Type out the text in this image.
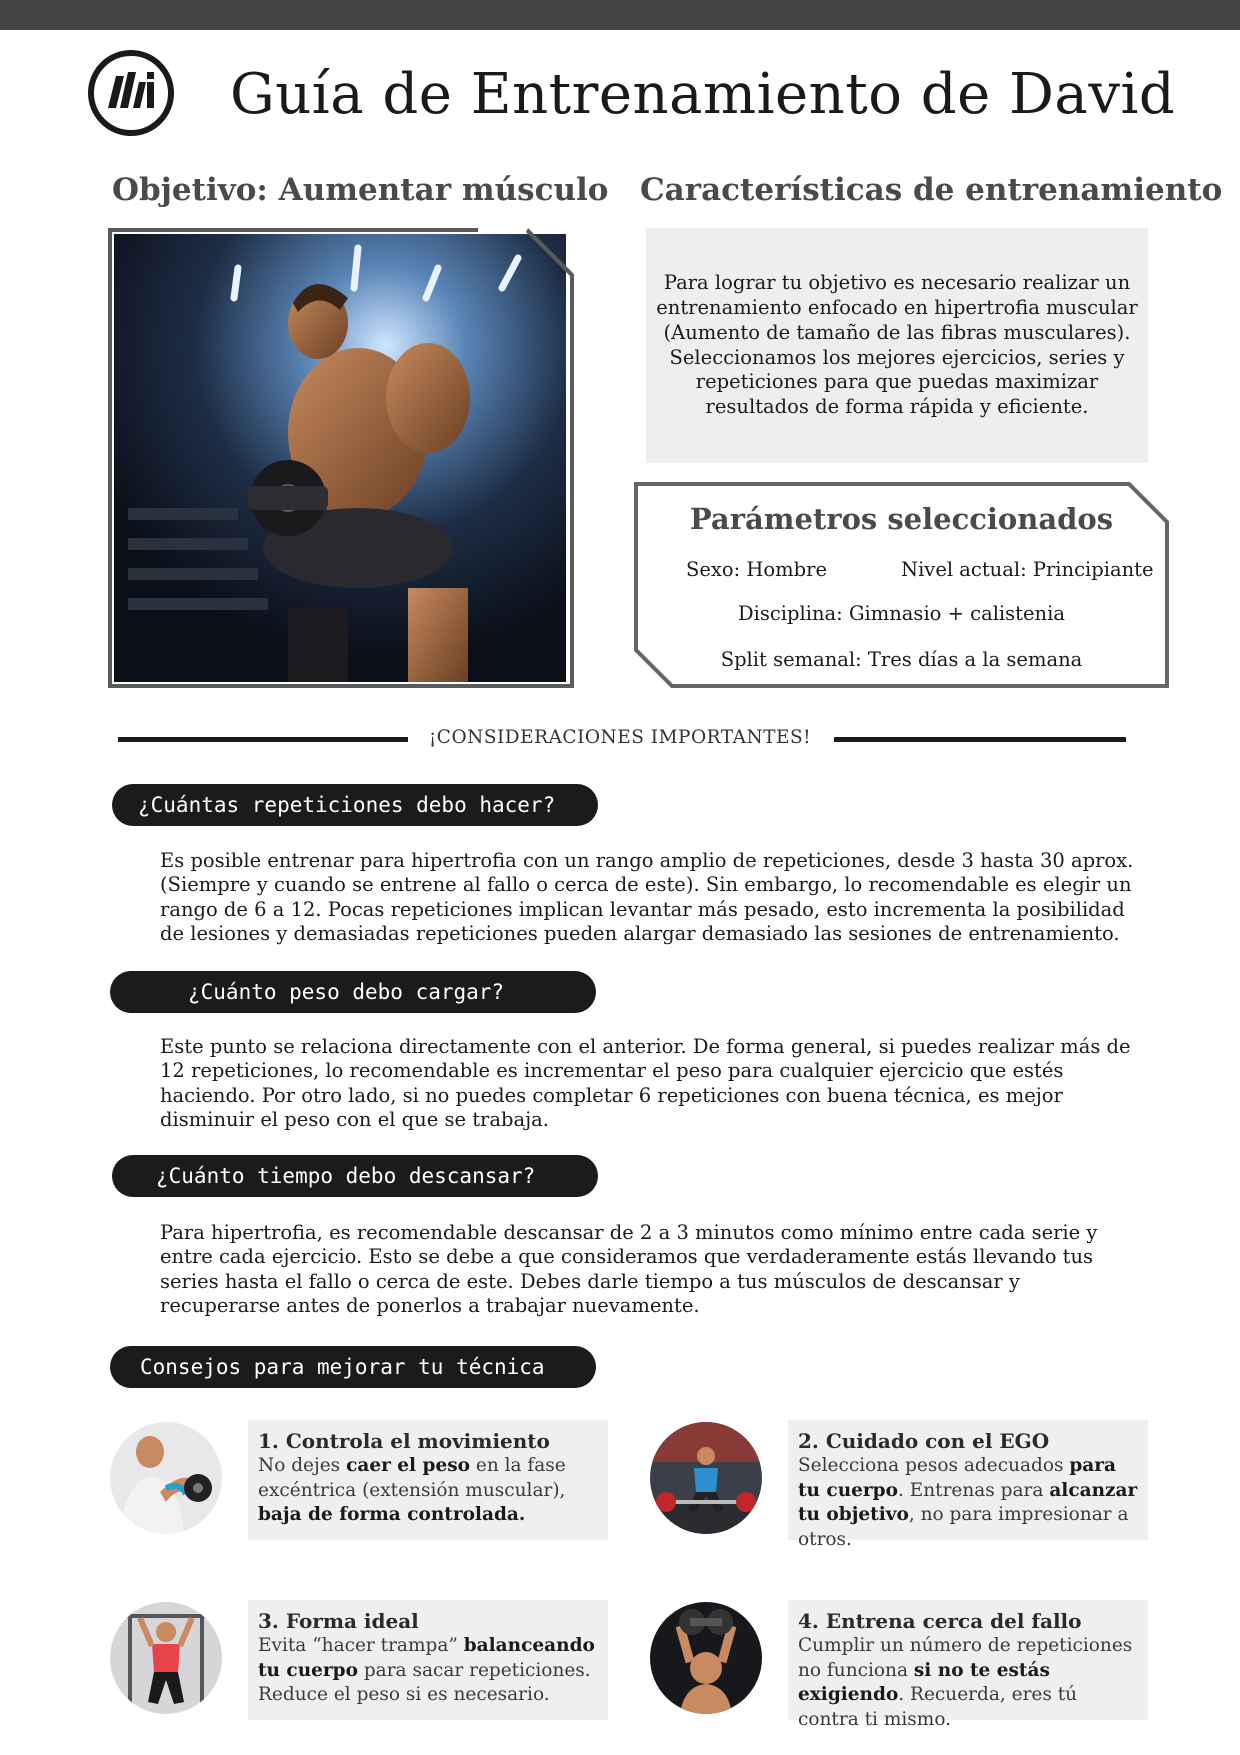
Guía de Entrenamiento de David
Objetivo: Aumentar músculo Características de entrenamiento

Para lograr tu objetivo es necesario realizar un entrenamiento enfocado en hipertrofia muscular (Aumento de tamaño de las fibras musculares). Seleccionamos los mejores ejercicios, series y repeticiones para que puedas maximizar resultados de forma rápida y eficiente.

Parámetros seleccionados
Sexo: Hombre	Nivel actual: Principiante
Disciplina: Gimnasio + calistenia
Split semanal: Tres días a la semana
¡CONSIDERACIONES IMPORTANTES!
¿Cuántas repeticiones debo hacer?
Es posible entrenar para hipertrofia con un rango amplio de repeticiones, desde 3 hasta 30 aprox. (Siempre y cuando se entrene al fallo o cerca de este). Sin embargo, lo recomendable es elegir un rango de 6 a 12. Pocas repeticiones implican levantar más pesado, esto incrementa la posibilidad de lesiones y demasiadas repeticiones pueden alargar demasiado las sesiones de entrenamiento.
¿Cuánto peso debo cargar?
Este punto se relaciona directamente con el anterior. De forma general, si puedes realizar más de 12 repeticiones, lo recomendable es incrementar el peso para cualquier ejercicio que estés haciendo. Por otro lado, si no puedes completar 6 repeticiones con buena técnica, es mejor disminuir el peso con el que se trabaja.
¿Cuánto tiempo debo descansar?
Para hipertrofia, es recomendable descansar de 2 a 3 minutos como mínimo entre cada serie y entre cada ejercicio. Esto se debe a que consideramos que verdaderamente estás llevando tus series hasta el fallo o cerca de este. Debes darle tiempo a tus músculos de descansar y recuperarse antes de ponerlos a trabajar nuevamente.
Consejos para mejorar tu técnica
1. Controla el movimiento
No dejes caer el peso en la fase excéntrica (extensión muscular), baja de forma controlada.
2. Cuidado con el EGO
Selecciona pesos adecuados para tu cuerpo. Entrenas para alcanzar tu objetivo, no para impresionar a otros.
3. Forma ideal
Evita “hacer trampa” balanceando tu cuerpo para sacar repeticiones. Reduce el peso si es necesario.
4. Entrena cerca del fallo
Cumplir un número de repeticiones no funciona si no te estás exigiendo. Recuerda, eres tú contra ti mismo.
